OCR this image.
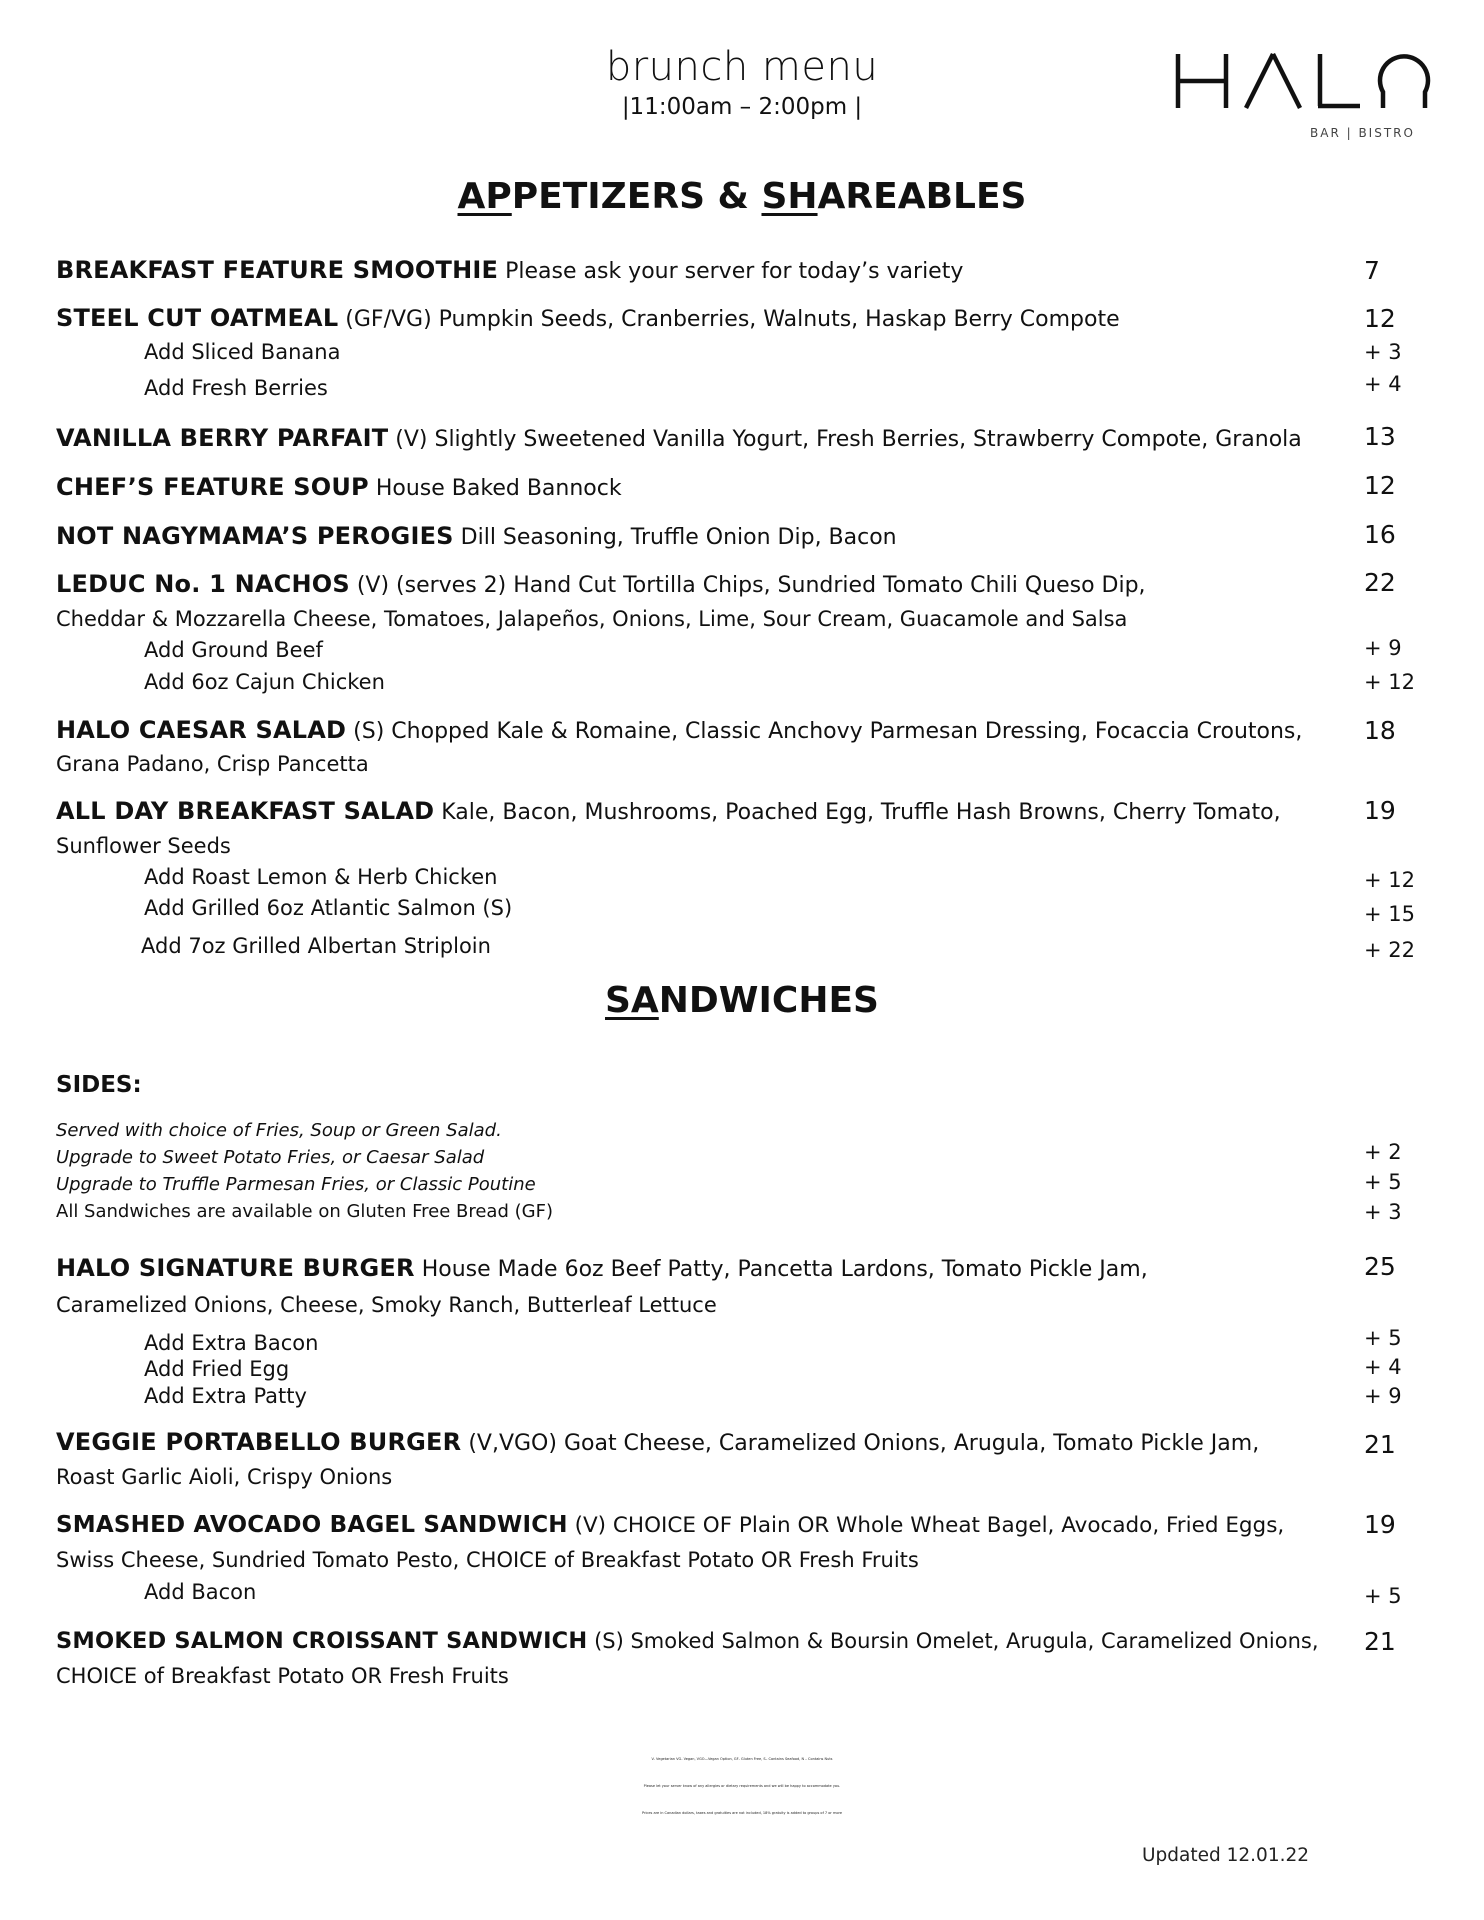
brunch menu
|11:00am – 2:00pm |
BAR | BISTRO
APPETIZERS & SHAREABLES
BREAKFAST FEATURE SMOOTHIE Please ask your server for today’s variety	7
STEEL CUT OATMEAL (GF/VG) Pumpkin Seeds, Cranberries, Walnuts, Haskap Berry Compote	12
Add Sliced Banana	+ 3
Add Fresh Berries	+ 4
VANILLA BERRY PARFAIT (V) Slightly Sweetened Vanilla Yogurt, Fresh Berries, Strawberry Compote, Granola 13
CHEF’S FEATURE SOUP House Baked Bannock	12
NOT NAGYMAMA’S PEROGIES Dill Seasoning, Truffle Onion Dip, Bacon	16
LEDUC No. 1 NACHOS (V) (serves 2) Hand Cut Tortilla Chips, Sundried Tomato Chili Queso Dip,	22
Cheddar & Mozzarella Cheese, Tomatoes, Jalapeños, Onions, Lime, Sour Cream, Guacamole and Salsa
Add Ground Beef	+ 9
Add 6oz Cajun Chicken	+ 12
HALO CAESAR SALAD (S) Chopped Kale & Romaine, Classic Anchovy Parmesan Dressing, Focaccia Croutons, 18
Grana Padano, Crisp Pancetta
ALL DAY BREAKFAST SALAD Kale, Bacon, Mushrooms, Poached Egg, Truffle Hash Browns, Cherry Tomato,	19
Sunflower Seeds
Add Roast Lemon & Herb Chicken	+ 12
Add Grilled 6oz Atlantic Salmon (S)	+ 15
Add 7oz Grilled Albertan Striploin	+ 22
SANDWICHES
SIDES:
Served with choice of Fries, Soup or Green Salad.
Upgrade to Sweet Potato Fries, or Caesar Salad	+ 2
Upgrade to Truffle Parmesan Fries, or Classic Poutine	+ 5
All Sandwiches are available on Gluten Free Bread (GF)	+ 3
HALO SIGNATURE BURGER House Made 6oz Beef Patty, Pancetta Lardons, Tomato Pickle Jam,	25
Caramelized Onions, Cheese, Smoky Ranch, Butterleaf Lettuce
Add Extra Bacon	+ 5
Add Fried Egg	+ 4
Add Extra Patty	+ 9
VEGGIE PORTABELLO BURGER (V,VGO) Goat Cheese, Caramelized Onions, Arugula, Tomato Pickle Jam,	21
Roast Garlic Aioli, Crispy Onions
SMASHED AVOCADO BAGEL SANDWICH (V) CHOICE OF Plain OR Whole Wheat Bagel, Avocado, Fried Eggs,	19
Swiss Cheese, Sundried Tomato Pesto, CHOICE of Breakfast Potato OR Fresh Fruits
Add Bacon	+ 5
SMOKED SALMON CROISSANT SANDWICH (S) Smoked Salmon & Boursin Omelet, Arugula, Caramelized Onions, 21
CHOICE of Breakfast Potato OR Fresh Fruits
V- Vegetarian VG- Vegan, VGO—Vegan Option, GF- Gluten Free, S– Contains Seafood, N – Contains Nuts
Please let your server know of any allergies or dietary requirements and we will be happy to accommodate you.
Prices are in Canadian dollars, taxes and gratuities are not included, 18% gratuity is added to groups of 7 or more
Updated 12.01.22
